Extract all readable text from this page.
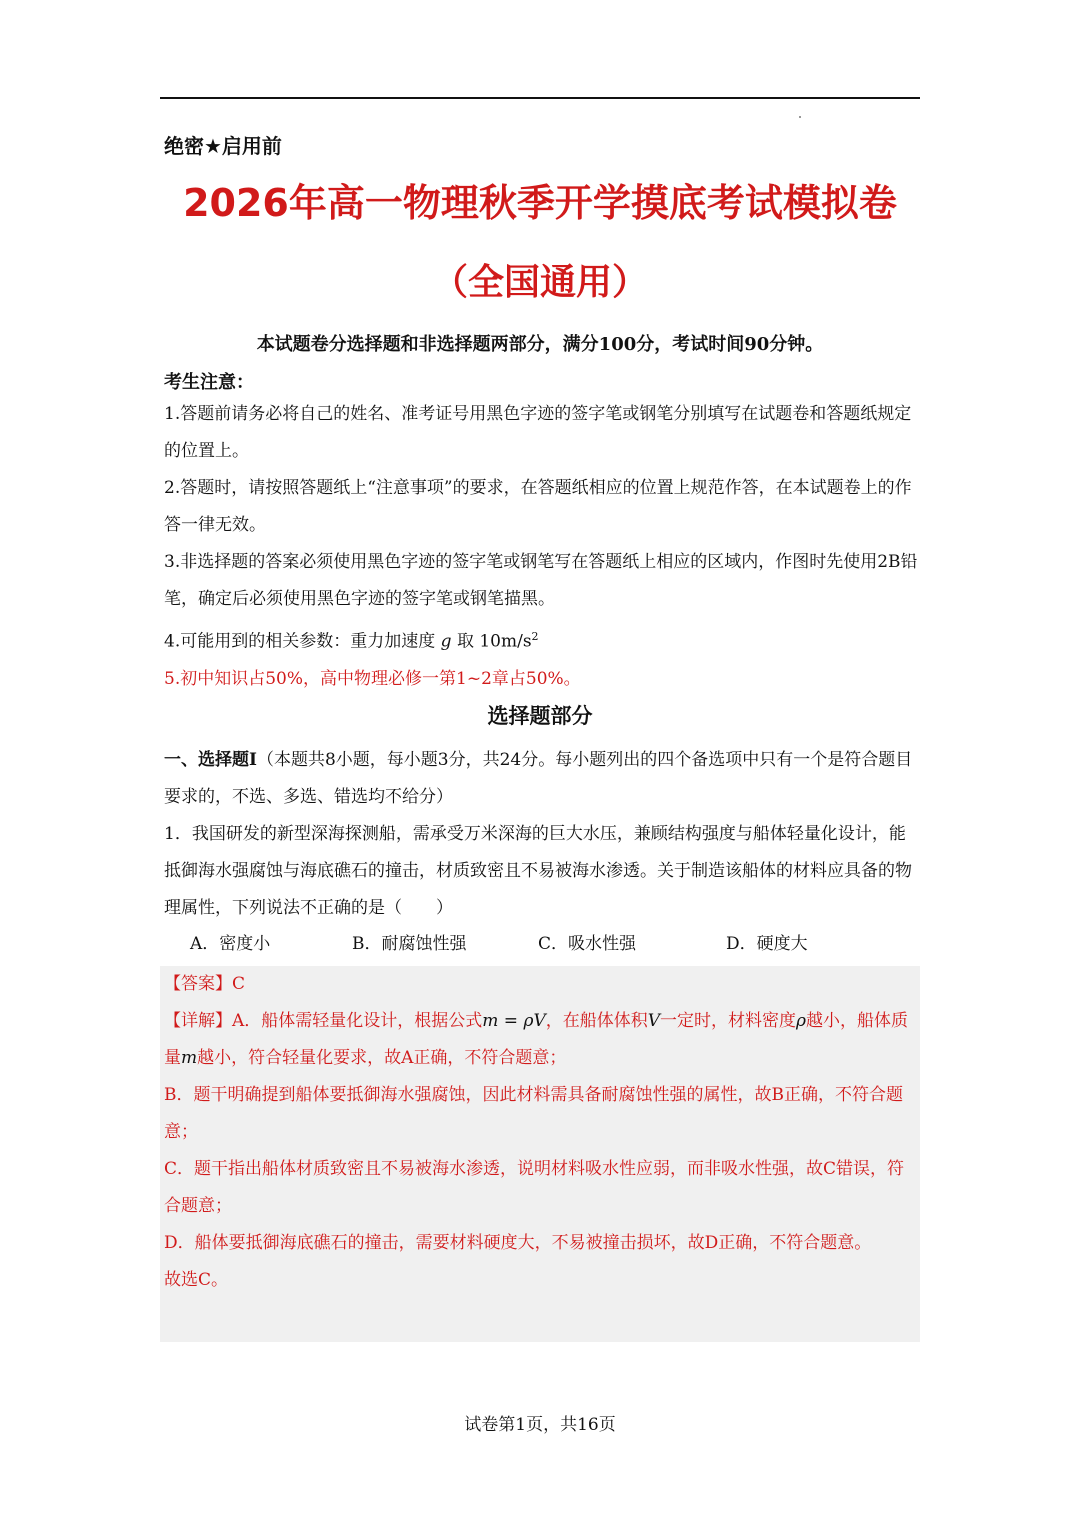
绝密★启用前
2026年高一物理秋季开学摸底考试模拟卷
（全国通用）
本试题卷分选择题和非选择题两部分，满分100分，考试时间90分钟。
考生注意：

1.答题前请务必将自己的姓名、准考证号用黑色字迹的签字笔或钢笔分别填写在试题卷和答题纸规定的位置上。

2.答题时，请按照答题纸上“注意事项”的要求，在答题纸相应的位置上规范作答，在本试题卷上的作答一律无效。

3.非选择题的答案必须使用黑色字迹的签字笔或钢笔写在答题纸上相应的区域内，作图时先使用2B铅笔，确定后必须使用黑色字迹的签字笔或钢笔描黑。

4.可能用到的相关参数：重力加速度 g 取 $10m/s^2$

5.初中知识占50%，高中物理必修一第1~2章占50%。

选择题部分

一、选择题Ⅰ（本题共8小题，每小题3分，共24分。每小题列出的四个备选项中只有一个是符合题目要求的，不选、多选、错选均不给分）

1．我国研发的新型深海探测船，需承受万米深海的巨大水压，兼顾结构强度与船体轻量化设计，能抵御海水强腐蚀与海底礁石的撞击，材质致密且不易被海水渗透。关于制造该船体的材料应具备的物理属性，下列说法不正确的是（　　）

A．密度小	B．耐腐蚀性强	C．吸水性强	D．硬度大

【答案】C

【详解】A．船体需轻量化设计，根据公式m = ρV，在船体体积V一定时，材料密度ρ越小，船体质量m越小，符合轻量化要求，故A正确，不符合题意；

B．题干明确提到船体要抵御海水强腐蚀，因此材料需具备耐腐蚀性强的属性，故B正确，不符合题意；

C．题干指出船体材质致密且不易被海水渗透，说明材料吸水性应弱，而非吸水性强，故C错误，符合题意；

D．船体要抵御海底礁石的撞击，需要材料硬度大，不易被撞击损坏，故D正确，不符合题意。

故选C。

试卷第1页，共16页
